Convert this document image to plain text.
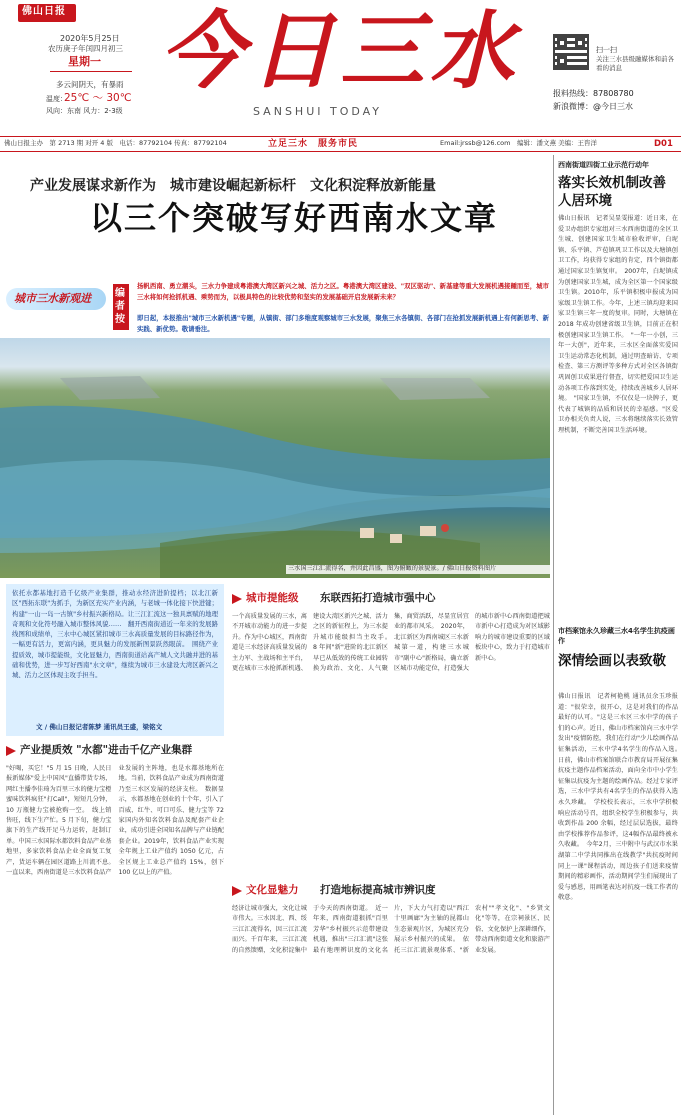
佛山日报
2020年5月25日
农历庚子年闰四月初三
星期一
多云间阴天，有暴雨
温度：
25℃ ～ 30℃
风向：东南 风力：2-3级
今日三水
SANSHUI TODAY
扫一扫
关注三水县级融媒体和前各看的消息
报料热线：87808780
新浪微博：@今日三水
佛山日报主办　第 2713 期 对开 4 版　电话：87792104 传真：87792104	立足三水　服务市民	Email:jrssb@126.com　编辑：潘文燕 美编：王咨洋	D01
产业发展谋求新作为　城市建设崛起新标杆　文化积淀释放新能量
以三个突破写好西南水文章
城市三水新观进 编者按
扬帆西南、勇立潮头，三水力争建成粤港澳大湾区新兴之城、活力之区。粤港澳大湾区建设、"双区驱动"、新基建等重大发展机遇接踵而至，城市三水将如何抢抓机遇、乘势而为，以极具特色的比较优势和坚实的发展基础开启发展新未来？
即日起，本报推出"城市三水新机遇"专题，从镇街、部门多维度观察城市三水发展，聚焦三水各镇街、各部门在抢抓发展新机遇上有何新思考、新实践、新优势。敬请垂注。
三水国三江汇流得名，并因此昌盛，图为俯瞰的景貌景。/ 佛山日报资料图片
依托水都基地打造千亿级产业集群，推动水经济进阶提档；以北江新区"西拓东联"为抓手，为新区充实产业内涵，与老城一体化接下快进键；构建"一山一岛一古镇"乡村振兴新格局。让三江汇流这一独具禀赋的地理奇观和文化符号融入城市整体风貌……　翻开西南街道近一年来的发展路线图和成绩单，三水中心城区紧扣城市三水高质量发展的目标路径作为，一幅更有活力，更富内涵，更具魅力的发展新图景跃然眼前。　围绕产业提质效，城市提能级，文化显魅力，西南街道站高产城人文共融并进的基础和优势，进一步写好西南"水文章"，继续为城市三水建设大湾区新兴之城、活力之区体现主攻手担当。
文 / 佛山日报记者陈梦 通讯员王盛，梁铭文
产业提质效 "水都"进击千亿产业集群
"好喝，买它！"5 月 15 日晚，人民日报新媒体"爱上中国风"直播带货专场，网红主播李佳琦为百里三水的健力宝橙蜜味饮料疯狂"打Call"，短短几分钟，10 万瓶健力宝被抢购一空。　线上销售旺，线下生产忙。5 月下旬，健力宝旗下的生产线开足马力运转，赶制订单。中国三水国际水都饮料食品产业基地里，多家饮料食品企业全面复工复产，货运车辆在园区道路上川流不息。　一直以来，西南街道是三水饮料食品产业发展的主阵地，也是水都基地所在地。当前，饮料食品产业成为西南街道乃至三水区发展的经济支柱。　数据显示，水都基地在创业的十个年，引入了百威、红牛、可口可乐、健力宝等 72家国内外知名饮料食品及配套产业企业，成功引进全国知名品牌与产业链配套企业。2019年，饮料食品产业实现全年规上工业产值约 1050 亿元，占全区规上工业总产值约 15%，创下 100 亿以上的产值。
城市提能级 东联西拓打造城市强中心
一个高质量发展的三水，离不开城市动能力的进一步提升。作为中心城区，西南街道是三水经济高质量发展的主力军、主战场和主平台，更在城市三水抢抓新机遇、建设大湾区新兴之城、活力之区的新征程上，为三水提升城市能级担当主攻手。　8 年间"新"进阶的北江新区早已从低效的传统工业园转换为政治、文化、人气聚集，商贸活跃，尽显宜居宜业的都市风采。　2020年，北江新区为西南城区三水新城第一道，构建三水城市"副中心"新格局，确立新区城市功能定位，打造强大的城市新中心西南街道把城市新中心打造成为对区域影响力的城市建设重要的区域板块中心，致力于打造城市新中心。
文化显魅力 打造地标提高城市辨识度
经济让城市强大，文化让城市伟大。三水因北、西、绥三江汇流得名，因三江汇流而兴。千百年来，三江汇流的自然馈赠，文化积淀集中于今天的西南街道。　近一年来，西南街道狠抓"百里芳华"乡村振兴示范带建设机遇，推出"三江汇流"这张最有地理辨识度的文化名片，下大力气打造以"西江十里画廊"为主轴的昆都山生态景观片区，为城区充分展示乡村振兴的成果。　依托三江汇流景观体系、"新农村""孝文化"、"乡贤文化"等等，在宗祠景区、民俗、文化保护上深耕细作，带动西南街道文化和旅游产业发展。
西南街道四街工业示范行动年
落实长效机制改善人居环境
佛山日报讯　记者吴显雯报道：近日来，在爱卫办组织专家组对三水西南街道的全区卫生城、创建国家卫生城市验收评审，白坭镇、乐平镇、芦苞镇巩卫工作以及大塘镇创卫工作，均获得专家组的肯定，四个镇街都通过国家卫生镇复审。　2007年，白坭镇成为创建国家卫生城，成为全区第一个国家级卫生镇。2010年，乐平镇积极申报成为国家级卫生镇工作。今年，上述三镇均迎来国家卫生镇三年一度的复审。同时，大塘镇在 2018 年成功创建省级卫生镇，目前正在积极创建国家卫生镇工作。　"一年一小创，三年一大创"，近年来，三水区全面落实爱国卫生运动常态化机制，通过明查暗访、专项检查、第三方测评等多种方式对全区各镇街巩固创卫成果进行督查，切实把爱国卫生运动各项工作落到实处，持续改善城乡人居环境。　"国家卫生镇，不仅仅是一块牌子，更代表了城镇的品质和居民的幸福感。"区爱卫办相关负责人说，三水将继续落实长效管理机制，不断完善国卫生活环境。
市档案馆永久珍藏三水4名学生抗疫画作
深情绘画以表致敬
佛山日报讯　记者柯艳桃 通讯员余玉珍报道："很荣幸，很开心，这是对我们的作品最好的认可。"这是三水区三水中学的孩子们的心声。近日，佛山市档案馆向三水中学发出"疫情防控，我们在行动"少儿绘画作品征集活动，三水中学4名学生的作品入选。　日前，佛山市档案馆联合市教育局开展征集抗疫主题作品档案活动，面向全市中小学生征集以抗疫为主题的绘画作品。经过专家评选，三水中学共有4名学生的作品获得入选永久珍藏。　学校校长表示，三水中学积极响应活动号召，组织全校学生积极参与，共收到作品 200 余幅，经过层层选拔，最终由学校推荐作品参评，这4幅作品最终被永久收藏。　今年2月，三中附中与武汉市水果湖第二中学共同推出在线教学"共抗疫时间同上一课"课程活动，周边孩子们送来疫情期间的精彩画作，活动期间学生们展现出了爱与感恩，用画笔表达对抗疫一线工作者的敬意。
